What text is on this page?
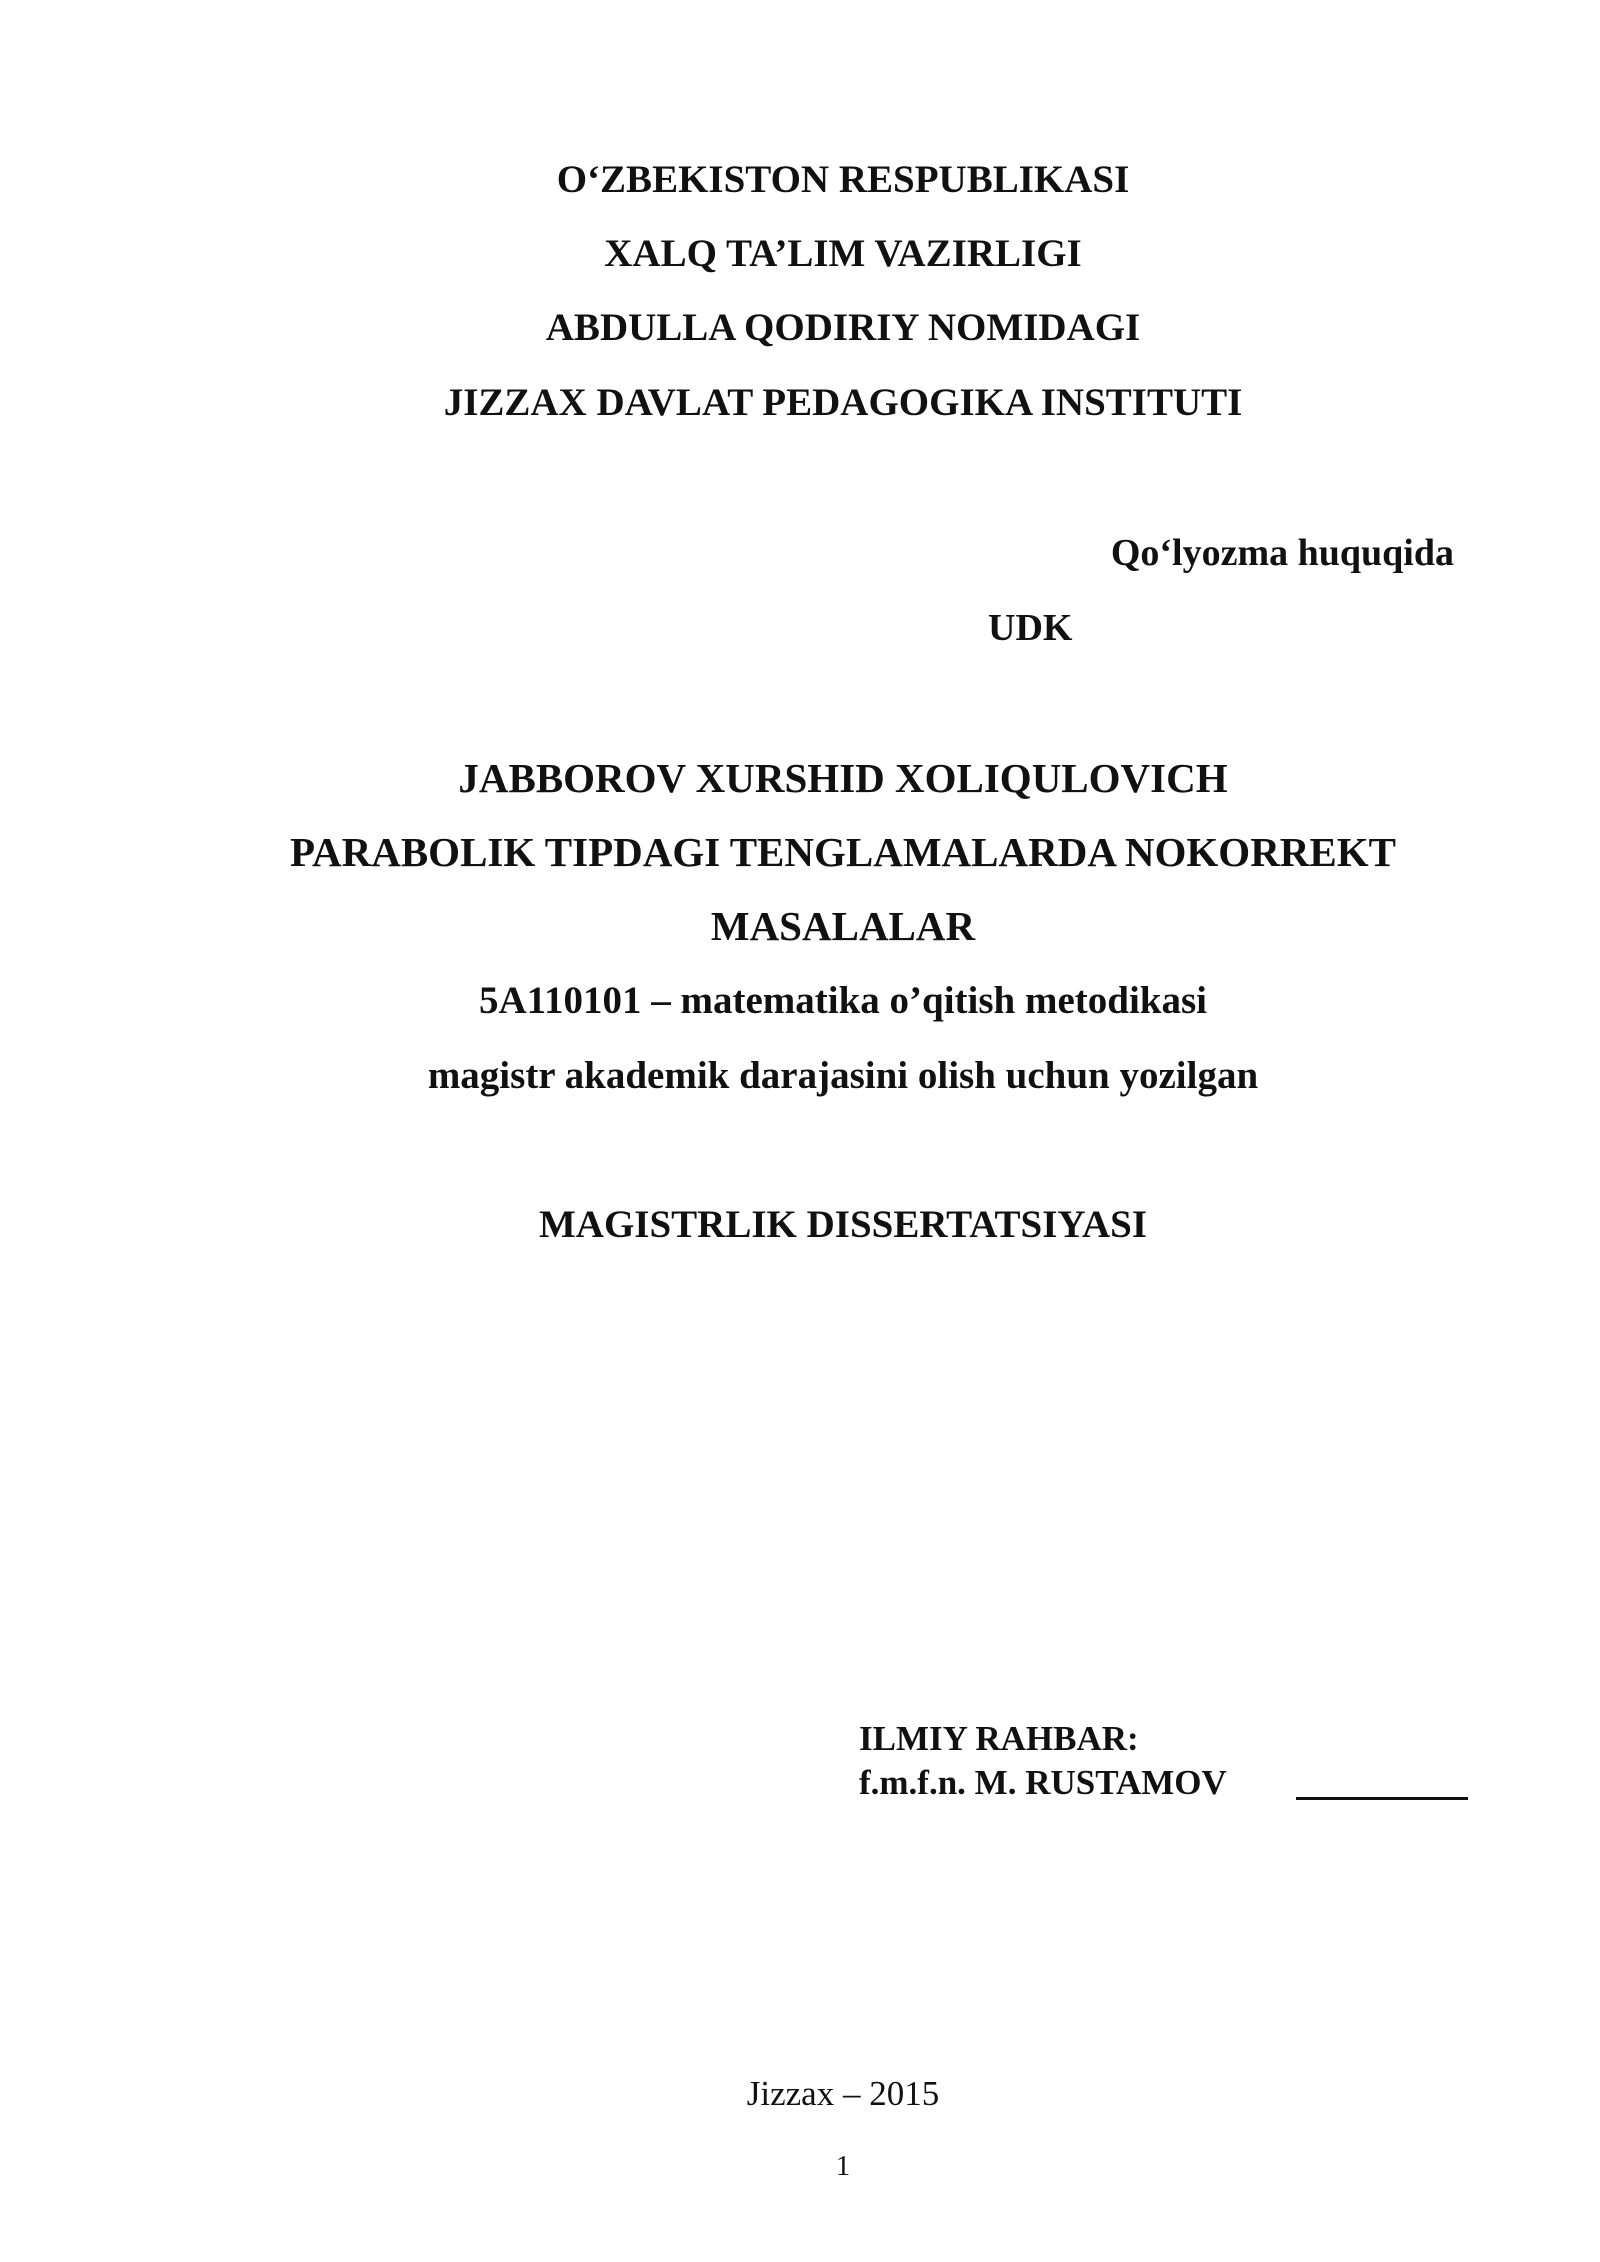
O‘ZBEKISTON RESPUBLIKASI
XALQ TA’LIM VAZIRLIGI
ABDULLA QODIRIY NOMIDAGI
JIZZAX DAVLAT PEDAGOGIKA INSTITUTI
Qo‘lyozma huquqida
UDK
JABBOROV XURSHID XOLIQULOVICH
PARABOLIK TIPDAGI TENGLAMALARDA NOKORREKT
MASALALAR
5A110101 – matematika o’qitish metodikasi
magistr akademik darajasini olish uchun yozilgan
MAGISTRLIK DISSERTATSIYASI
ILMIY RAHBAR:
f.m.f.n. M. RUSTAMOV
Jizzax – 2015
1
